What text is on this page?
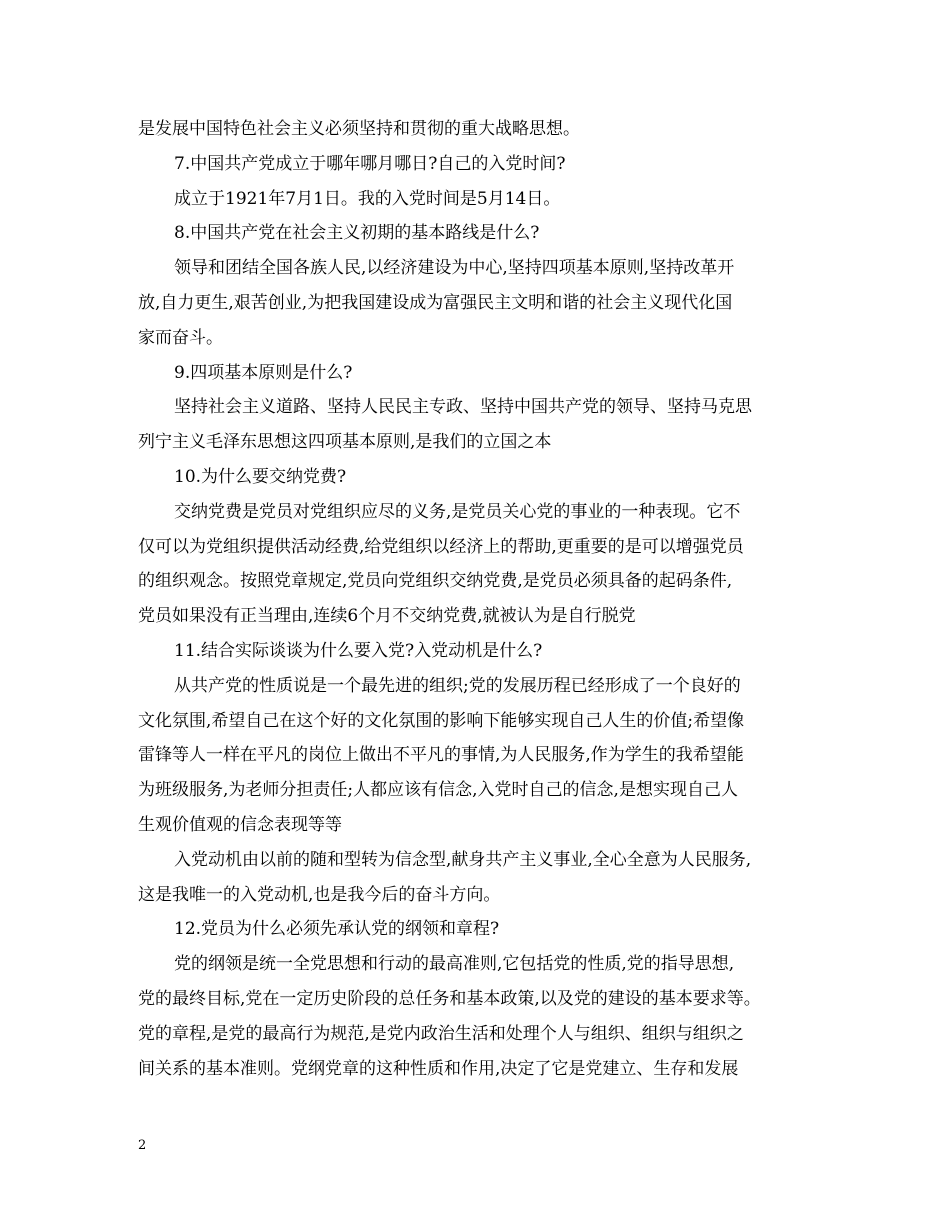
是发展中国特色社会主义必须坚持和贯彻的重大战略思想。
7.中国共产党成立于哪年哪月哪日?自己的入党时间?
成立于1921年7月1日。我的入党时间是5月14日。
8.中国共产党在社会主义初期的基本路线是什么?
领导和团结全国各族人民,以经济建设为中心,坚持四项基本原则,坚持改革开
放,自力更生,艰苦创业,为把我国建设成为富强民主文明和谐的社会主义现代化国
家而奋斗。
9.四项基本原则是什么?
坚持社会主义道路、坚持人民民主专政、坚持中国共产党的领导、坚持马克思
列宁主义毛泽东思想这四项基本原则,是我们的立国之本
10.为什么要交纳党费?
交纳党费是党员对党组织应尽的义务,是党员关心党的事业的一种表现。它不
仅可以为党组织提供活动经费,给党组织以经济上的帮助,更重要的是可以增强党员
的组织观念。按照党章规定,党员向党组织交纳党费,是党员必须具备的起码条件,
党员如果没有正当理由,连续6个月不交纳党费,就被认为是自行脱党
11.结合实际谈谈为什么要入党?入党动机是什么?
从共产党的性质说是一个最先进的组织;党的发展历程已经形成了一个良好的
文化氛围,希望自己在这个好的文化氛围的影响下能够实现自己人生的价值;希望像
雷锋等人一样在平凡的岗位上做出不平凡的事情,为人民服务,作为学生的我希望能
为班级服务,为老师分担责任;人都应该有信念,入党时自己的信念,是想实现自己人
生观价值观的信念表现等等
入党动机由以前的随和型转为信念型,献身共产主义事业,全心全意为人民服务,
这是我唯一的入党动机,也是我今后的奋斗方向。
12.党员为什么必须先承认党的纲领和章程?
党的纲领是统一全党思想和行动的最高准则,它包括党的性质,党的指导思想,
党的最终目标,党在一定历史阶段的总任务和基本政策,以及党的建设的基本要求等。
党的章程,是党的最高行为规范,是党内政治生活和处理个人与组织、组织与组织之
间关系的基本准则。党纲党章的这种性质和作用,决定了它是党建立、生存和发展
2
